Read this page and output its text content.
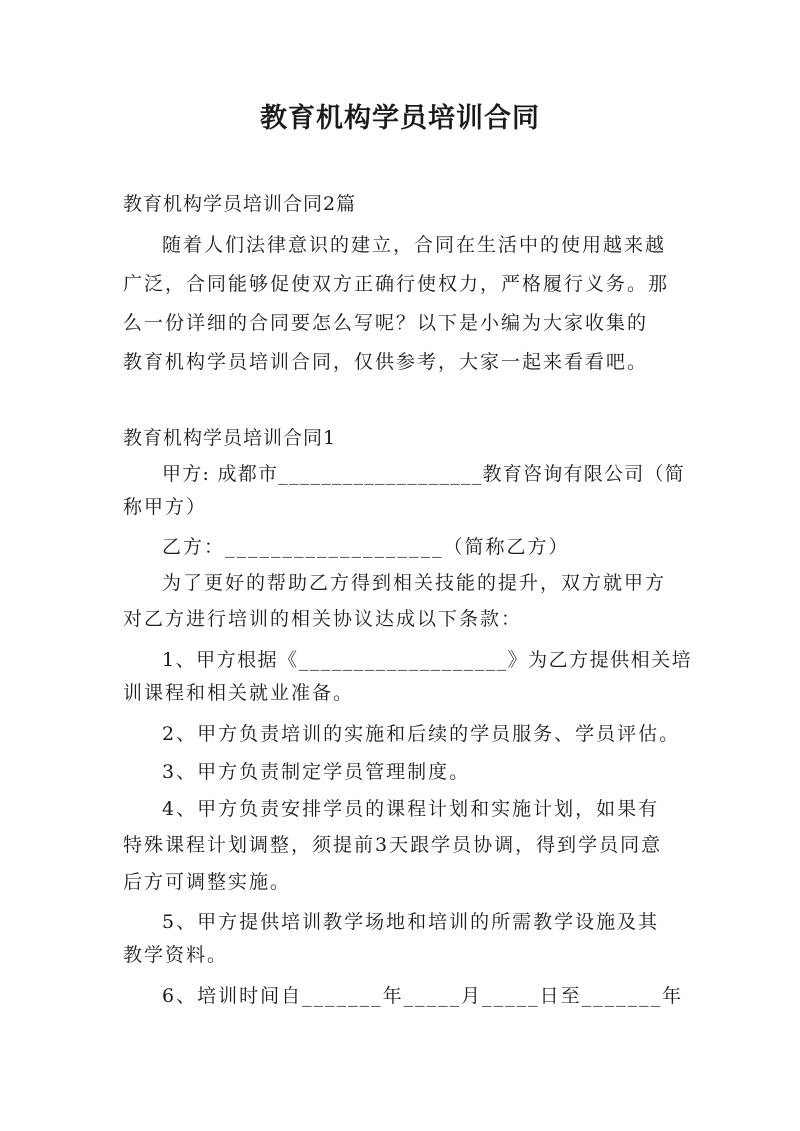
教育机构学员培训合同
教育机构学员培训合同2篇
随着人们法律意识的建立，合同在生活中的使用越来越
广泛，合同能够促使双方正确行使权力，严格履行义务。那
么一份详细的合同要怎么写呢？以下是小编为大家收集的
教育机构学员培训合同，仅供参考，大家一起来看看吧。
教育机构学员培训合同1
甲方: 成都市___________________教育咨询有限公司（简
称甲方）
乙方：___________________（简称乙方）
为了更好的帮助乙方得到相关技能的提升，双方就甲方
对乙方进行培训的相关协议达成以下条款：
1、甲方根据《___________________》为乙方提供相关培
训课程和相关就业准备。
2、甲方负责培训的实施和后续的学员服务、学员评估。
3、甲方负责制定学员管理制度。
4、甲方负责安排学员的课程计划和实施计划，如果有
特殊课程计划调整，须提前3天跟学员协调，得到学员同意
后方可调整实施。
5、甲方提供培训教学场地和培训的所需教学设施及其
教学资料。
6、培训时间自_______年_____月_____日至_______年
